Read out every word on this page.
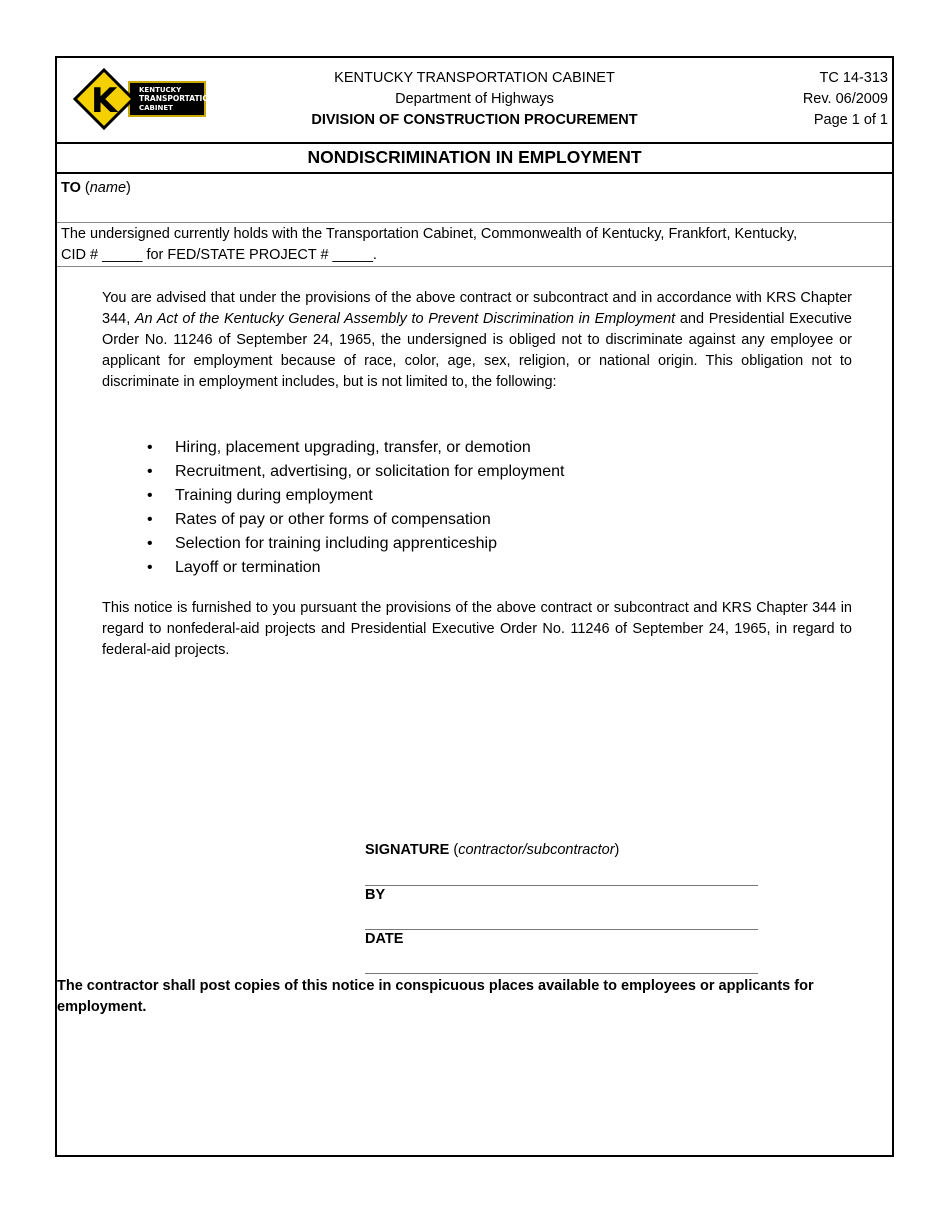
K	KENTUCKY
TRANSPORTATION
CABINET
KENTUCKY TRANSPORTATION CABINET
Department of Highways
DIVISION OF CONSTRUCTION PROCUREMENT
TC 14-313
Rev. 06/2009
Page 1 of 1
NONDISCRIMINATION IN EMPLOYMENT
TO (name)
The undersigned currently holds with the Transportation Cabinet, Commonwealth of Kentucky, Frankfort, Kentucky,
CID # _____ for FED/STATE PROJECT # _____.
You are advised that under the provisions of the above contract or subcontract and in accordance with KRS Chapter 344, An Act of the Kentucky General Assembly to Prevent Discrimination in Employment and Presidential Executive Order No. 11246 of September 24, 1965, the undersigned is obliged not to discriminate against any employee or applicant for employment because of race, color, age, sex, religion, or national origin. This obligation not to discriminate in employment includes, but is not limited to, the following:
• Hiring, placement upgrading, transfer, or demotion
• Recruitment, advertising, or solicitation for employment
• Training during employment
• Rates of pay or other forms of compensation
• Selection for training including apprenticeship
• Layoff or termination
This notice is furnished to you pursuant the provisions of the above contract or subcontract and KRS Chapter 344 in regard to nonfederal-aid projects and Presidential Executive Order No. 11246 of September 24, 1965, in regard to federal-aid projects.
SIGNATURE (contractor/subcontractor)
BY
DATE
The contractor shall post copies of this notice in conspicuous places available to employees or applicants for employment.
